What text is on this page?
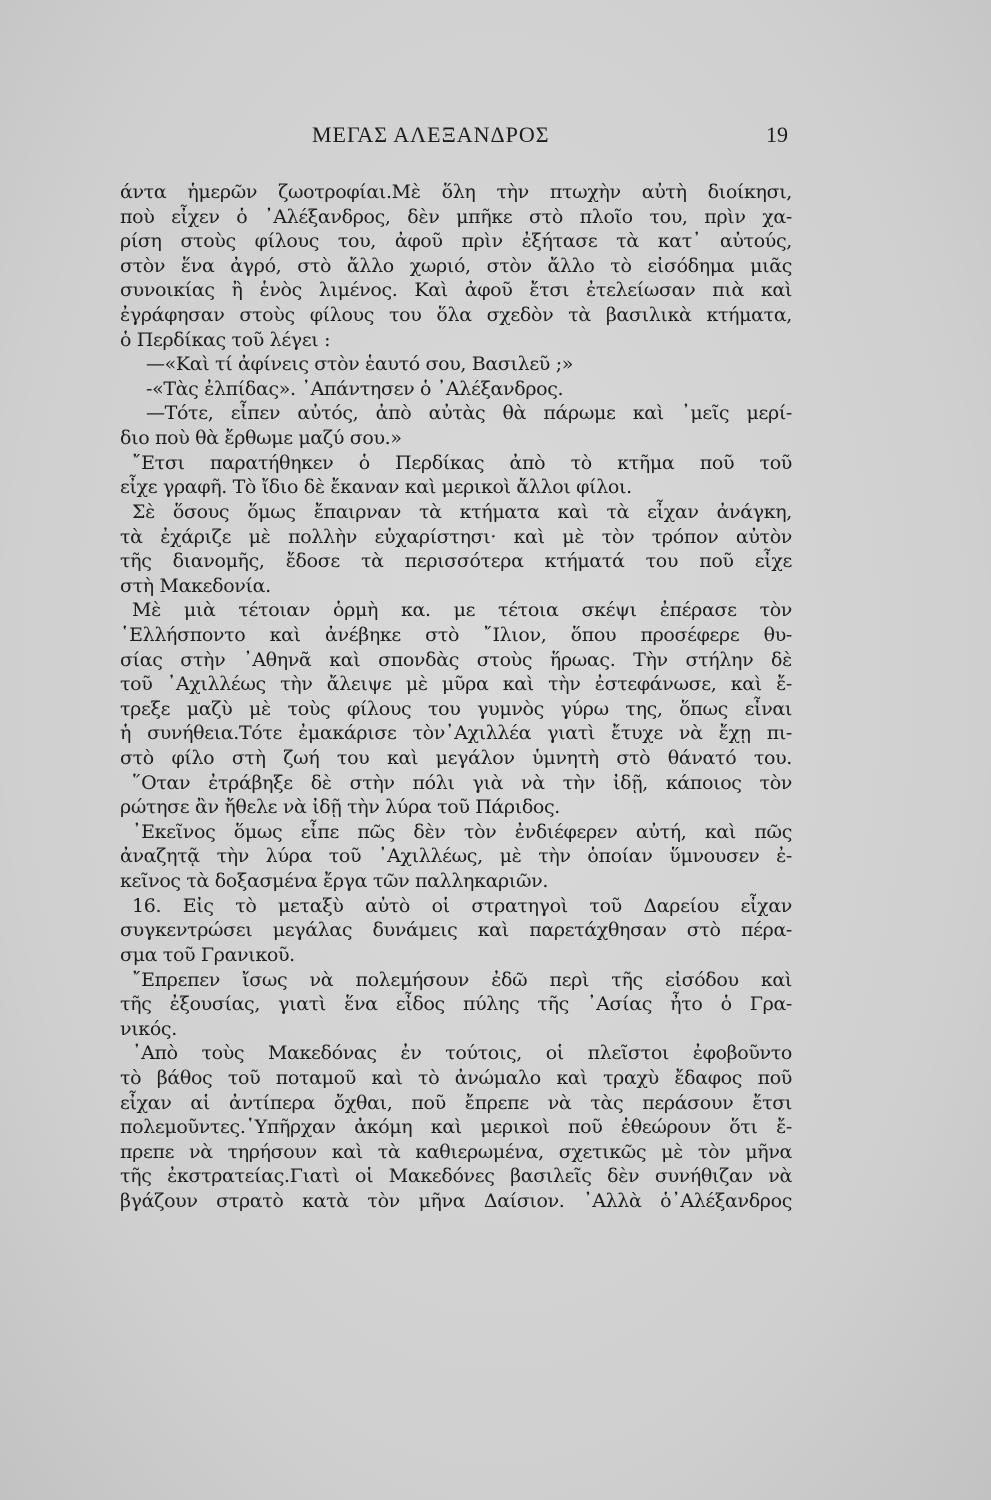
ΜΕΓΑΣ ΑΛΕΞΑΝΔΡΟΣ	19
άντα ἡμερῶν ζωοτροφίαι.Μὲ ὅλη τὴν πτωχὴν αὐτὴ διοίκησι,
ποὺ εἶχεν ὁ ᾿Αλέξανδρος, δὲν μπῆκε στὸ πλοῖο του, πρὶν χα-
ρίση στοὺς φίλους του, ἀφοῦ πρὶν ἐξήτασε τὰ κατ᾿ αὐτούς,
στὸν ἕνα ἀγρό, στὸ ἄλλο χωριό, στὸν ἄλλο τὸ εἰσόδημα μιᾶς
συνοικίας ἢ ἑνὸς λιμένος. Καὶ ἀφοῦ ἔτσι ἐτελείωσαν πιὰ καὶ
ἐγράφησαν στοὺς φίλους του ὅλα σχεδὸν τὰ βασιλικὰ κτήματα,
ὁ Περδίκας τοῦ λέγει :
—«Καὶ τί ἀφίνεις στὸν ἑαυτό σου, Βασιλεῦ ;»
-«Τὰς ἐλπίδας». ᾿Απάντησεν ὁ ᾿Αλέξανδρος.
—Τότε, εἶπεν αὐτός, ἀπὸ αὐτὰς θὰ πάρωμε καὶ ᾿μεῖς μερί-
διο ποὺ θὰ ἔρθωμε μαζύ σου.»
῎Ετσι παρατήθηκεν ὁ Περδίκας ἀπὸ τὸ κτῆμα ποῦ τοῦ
εἶχε γραφῆ. Τὸ ἴδιο δὲ ἔκαναν καὶ μερικοὶ ἄλλοι φίλοι.
Σὲ ὅσους ὅμως ἔπαιρναν τὰ κτήματα καὶ τὰ εἶχαν ἀνάγκη,
τὰ ἐχάριζε μὲ πολλὴν εὐχαρίστησι· καὶ μὲ τὸν τρόπον αὐτὸν
τῆς διανομῆς, ἔδοσε τὰ περισσότερα κτήματά του ποῦ εἶχε
στὴ Μακεδονία.
Μὲ μιὰ τέτοιαν ὁρμὴ κα. με τέτοια σκέψι ἐπέρασε τὸν
῾Ελλήσποντο καὶ ἀνέβηκε στὸ ῎Ιλιον, ὅπου προσέφερε θυ-
σίας στὴν ᾿Αθηνᾶ καὶ σπονδὰς στοὺς ἥρωας. Τὴν στήλην δὲ
τοῦ ᾿Αχιλλέως τὴν ἄλειψε μὲ μῦρα καὶ τὴν ἐστεφάνωσε, καὶ ἔ-
τρεξε μαζὺ μὲ τοὺς φίλους του γυμνὸς γύρω της, ὅπως εἶναι
ἡ συνήθεια.Τότε ἐμακάρισε τὸν᾿Αχιλλέα γιατὶ ἔτυχε νὰ ἔχῃ πι-
στὸ φίλο στὴ ζωή του καὶ μεγάλον ὑμνητὴ στὸ θάνατό του.
῞Οταν ἐτράβηξε δὲ στὴν πόλι γιὰ νὰ τὴν ἰδῇ, κάποιος τὸν
ρώτησε ἂν ἤθελε νὰ ἰδῇ τὴν λύρα τοῦ Πάριδος.
᾿Εκεῖνος ὅμως εἶπε πῶς δὲν τὸν ἐνδιέφερεν αὐτή, καὶ πῶς
ἀναζητᾷ τὴν λύρα τοῦ ᾿Αχιλλέως, μὲ τὴν ὁποίαν ὕμνουσεν ἐ-
κεῖνος τὰ δοξασμένα ἔργα τῶν παλληκαριῶν.
16. Εἰς τὸ μεταξὺ αὐτὸ οἱ στρατηγοὶ τοῦ Δαρείου εἶχαν
συγκεντρώσει μεγάλας δυνάμεις καὶ παρετάχθησαν στὸ πέρα-
σμα τοῦ Γρανικοῦ.
῎Επρεπεν ἴσως νὰ πολεμήσουν ἐδῶ περὶ τῆς εἰσόδου καὶ
τῆς ἐξουσίας, γιατὶ ἕνα εἶδος πύλης τῆς ᾿Ασίας ἦτο ὁ Γρα-
νικός.
᾿Απὸ τοὺς Μακεδόνας ἐν τούτοις, οἱ πλεῖστοι ἐφοβοῦντο
τὸ βάθος τοῦ ποταμοῦ καὶ τὸ ἀνώμαλο καὶ τραχὺ ἔδαφος ποῦ
εἶχαν αἱ ἀντίπερα ὄχθαι, ποῦ ἔπρεπε νὰ τὰς περάσουν ἔτσι
πολεμοῦντες.῾Υπῆρχαν ἀκόμη καὶ μερικοὶ ποῦ ἐθεώρουν ὅτι ἔ-
πρεπε νὰ τηρήσουν καὶ τὰ καθιερωμένα, σχετικῶς μὲ τὸν μῆνα
τῆς ἐκστρατείας.Γιατὶ οἱ Μακεδόνες βασιλεῖς δὲν συνήθιζαν νὰ
βγάζουν στρατὸ κατὰ τὸν μῆνα Δαίσιον. ᾿Αλλὰ ὁ᾿Αλέξανδρος
